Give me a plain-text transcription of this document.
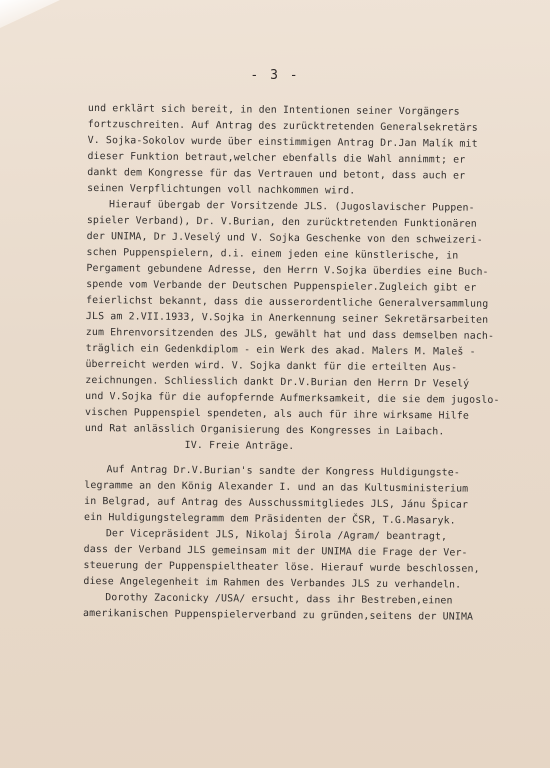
- 3 -
und erklärt sich bereit, in den Intentionen seiner Vorgängers
fortzuschreiten. Auf Antrag des zurücktretenden Generalsekretärs
V. Sojka-Sokolov wurde über einstimmigen Antrag Dr.Jan Malík mit
dieser Funktion betraut,welcher ebenfalls die Wahl annimmt; er
dankt dem Kongresse für das Vertrauen und betont, dass auch er
seinen Verpflichtungen voll nachkommen wird.
Hierauf übergab der Vorsitzende JLS. (Jugoslavischer Puppen-
spieler Verband), Dr. V.Burian, den zurücktretenden Funktionären
der UNIMA, Dr J.Veselý und V. Sojka Geschenke von den schweizeri-
schen Puppenspielern, d.i. einem jeden eine künstlerische, in
Pergament gebundene Adresse, den Herrn V.Sojka überdies eine Buch-
spende vom Verbande der Deutschen Puppenspieler.Zugleich gibt er
feierlichst bekannt, dass die ausserordentliche Generalversammlung
JLS am 2.VII.1933, V.Sojka in Anerkennung seiner Sekretärsarbeiten
zum Ehrenvorsitzenden des JLS, gewählt hat und dass demselben nach-
träglich ein Gedenkdiplom - ein Werk des akad. Malers M. Maleš -
überreicht werden wird. V. Sojka dankt für die erteilten Aus-
zeichnungen. Schliesslich dankt Dr.V.Burian den Herrn Dr Veselý
und V.Sojka für die aufopfernde Aufmerksamkeit, die sie dem jugoslo-
vischen Puppenspiel spendeten, als auch für ihre wirksame Hilfe
und Rat anlässlich Organisierung des Kongresses in Laibach.
IV. Freie Anträge.
Auf Antrag Dr.V.Burian's sandte der Kongress Huldigungste-
legramme an den König Alexander I. und an das Kultusministerium
in Belgrad, auf Antrag des Ausschussmitgliedes JLS, Jánu Špicar
ein Huldigungstelegramm dem Präsidenten der ČSR, T.G.Masaryk.
Der Vicepräsident JLS, Nikolaj Širola /Agram/ beantragt,
dass der Verband JLS gemeinsam mit der UNIMA die Frage der Ver-
steuerung der Puppenspieltheater löse. Hierauf wurde beschlossen,
diese Angelegenheit im Rahmen des Verbandes JLS zu verhandeln.
Dorothy Zaconicky /USA/ ersucht, dass ihr Bestreben,einen
amerikanischen Puppenspielerverband zu gründen,seitens der UNIMA
